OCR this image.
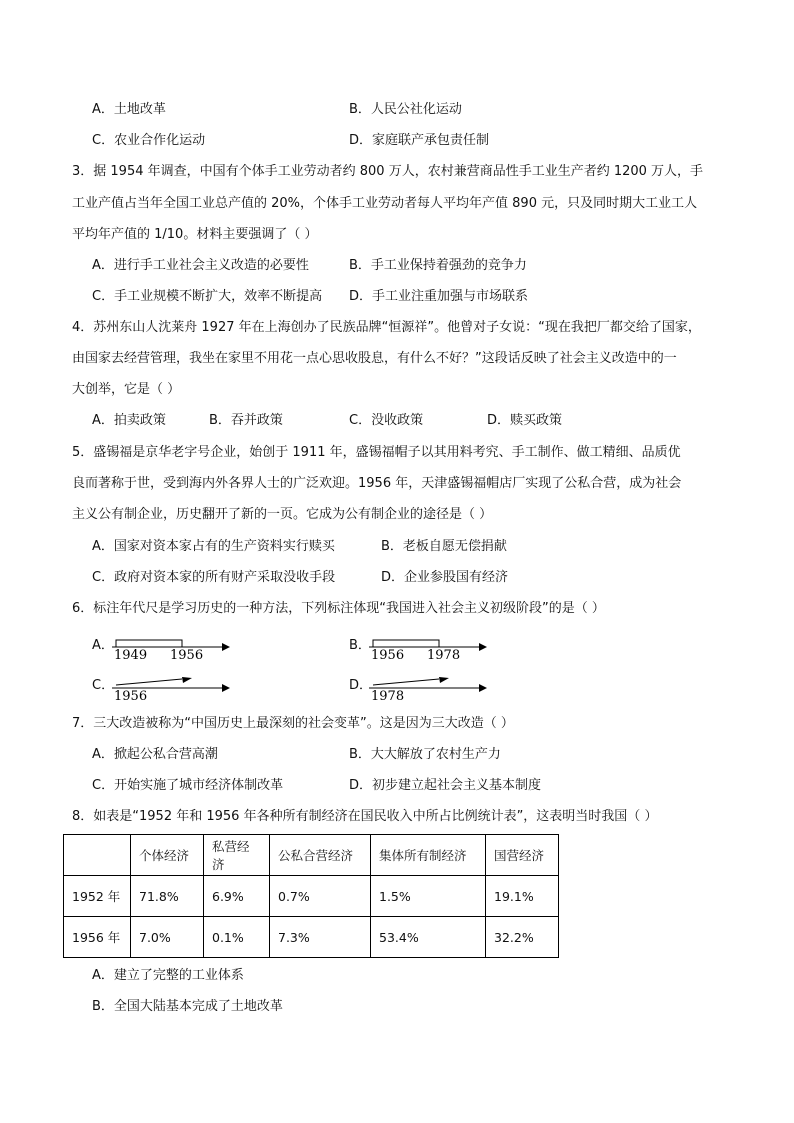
A．土地改革	B．人民公社化运动
C．农业合作化运动	D．家庭联产承包责任制
3．据 1954 年调查，中国有个体手工业劳动者约 800 万人，农村兼营商品性手工业生产者约 1200 万人，手
工业产值占当年全国工业总产值的 20%，个体手工业劳动者每人平均年产值 890 元，只及同时期大工业工人
平均年产值的 1/10。材料主要强调了（ ）
A．进行手工业社会主义改造的必要性	B．手工业保持着强劲的竞争力
C．手工业规模不断扩大，效率不断提高 D．手工业注重加强与市场联系
4．苏州东山人沈莱舟 1927 年在上海创办了民族品牌“恒源祥”。他曾对子女说：“现在我把厂都交给了国家，
由国家去经营管理，我坐在家里不用花一点心思收股息，有什么不好？”这段话反映了社会主义改造中的一
大创举，它是（ ）
A．拍卖政策	B．吞并政策	C．没收政策	D．赎买政策
5．盛锡福是京华老字号企业，始创于 1911 年，盛锡福帽子以其用料考究、手工制作、做工精细、品质优
良而著称于世，受到海内外各界人士的广泛欢迎。1956 年，天津盛锡福帽店厂实现了公私合营，成为社会
主义公有制企业，历史翻开了新的一页。它成为公有制企业的途径是（ ）
A．国家对资本家占有的生产资料实行赎买	B．老板自愿无偿捐献
C．政府对资本家的所有财产采取没收手段	D．企业参股国有经济
6．标注年代尺是学习历史的一种方法，下列标注体现“我国进入社会主义初级阶段”的是（ ）
A．
1949 1956
B．
1956 1978
C．
1956
D．
1978
7．三大改造被称为“中国历史上最深刻的社会变革”。这是因为三大改造（ ）
A．掀起公私合营高潮	B．大大解放了农村生产力
C．开始实施了城市经济体制改革	D．初步建立起社会主义基本制度
8．如表是“1952 年和 1956 年各种所有制经济在国民收入中所占比例统计表”，这表明当时我国（ ）
	个体经济	私营经济	公私合营经济	集体所有制经济	国营经济
1952 年	71.8%	6.9%	0.7%	1.5%	19.1%
1956 年	7.0%	0.1%	7.3%	53.4%	32.2%
A．建立了完整的工业体系
B．全国大陆基本完成了土地改革
